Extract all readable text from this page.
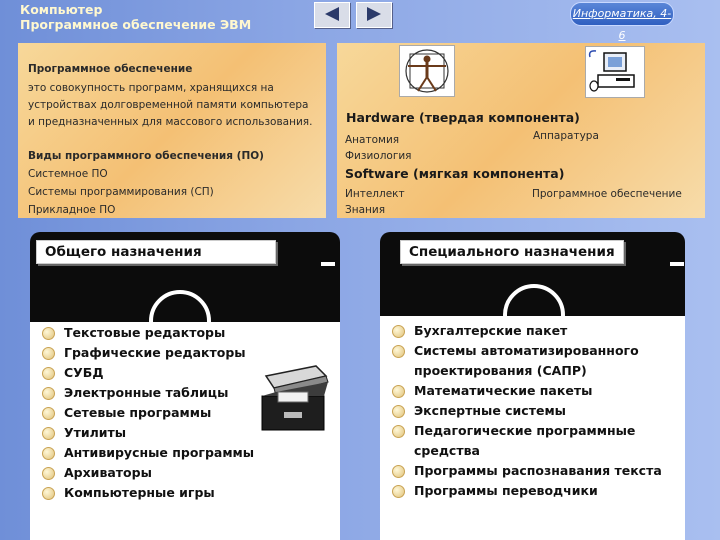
Компьютер
Программное обеспечение ЭВМ
Информатика, 4-6
Программное обеспечение
это совокупность программ, хранящихся на
устройствах долговременной памяти компьютера
и предназначенных для массового использования.
Виды программного обеспечения (ПО)
Системное ПО
Системы программирования (СП)
Прикладное ПО
Hardware (твердая компонента)
Анатомия
Физиология
Аппаратура
Software (мягкая компонента)
Интеллект
Знания
Программное обеспечение
Общего назначения
Текстовые редакторы
Графические редакторы
СУБД
Электронные таблицы
Сетевые программы
Утилиты
Антивирусные программы
Архиваторы
Компьютерные игры
Специального назначения
Бухгалтерские пакет
Системы автоматизированного
проектирования (САПР)
Математические пакеты
Экспертные системы
Педагогические программные
средства
Программы распознавания текста
Программы переводчики
